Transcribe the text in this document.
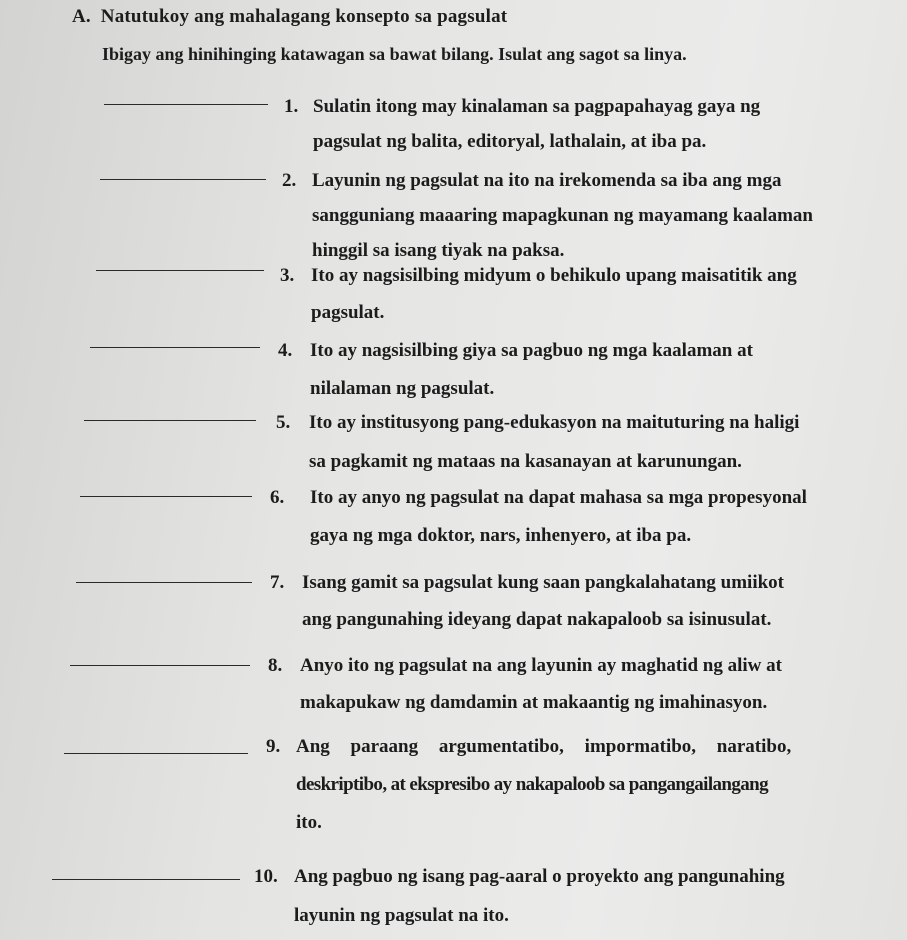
A. Natutukoy ang mahalagang konsepto sa pagsulat
Ibigay ang hinihinging katawagan sa bawat bilang. Isulat ang sagot sa linya.
1. Sulatin itong may kinalaman sa pagpapahayag gaya ng
pagsulat ng balita, editoryal, lathalain, at iba pa.
2. Layunin ng pagsulat na ito na irekomenda sa iba ang mga
sangguniang maaaring mapagkunan ng mayamang kaalaman
hinggil sa isang tiyak na paksa.
3. Ito ay nagsisilbing midyum o behikulo upang maisatitik ang
pagsulat.
4. Ito ay nagsisilbing giya sa pagbuo ng mga kaalaman at
nilalaman ng pagsulat.
5. Ito ay institusyong pang-edukasyon na maituturing na haligi
sa pagkamit ng mataas na kasanayan at karunungan.
6. Ito ay anyo ng pagsulat na dapat mahasa sa mga propesyonal
gaya ng mga doktor, nars, inhenyero, at iba pa.
7. Isang gamit sa pagsulat kung saan pangkalahatang umiikot
ang pangunahing ideyang dapat nakapaloob sa isinusulat.
8. Anyo ito ng pagsulat na ang layunin ay maghatid ng aliw at
makapukaw ng damdamin at makaantig ng imahinasyon.
9. Ang paraang argumentatibo, impormatibo, naratibo,
deskriptibo, at ekspresibo ay nakapaloob sa pangangailangang
ito.
10. Ang pagbuo ng isang pag-aaral o proyekto ang pangunahing
layunin ng pagsulat na ito.
